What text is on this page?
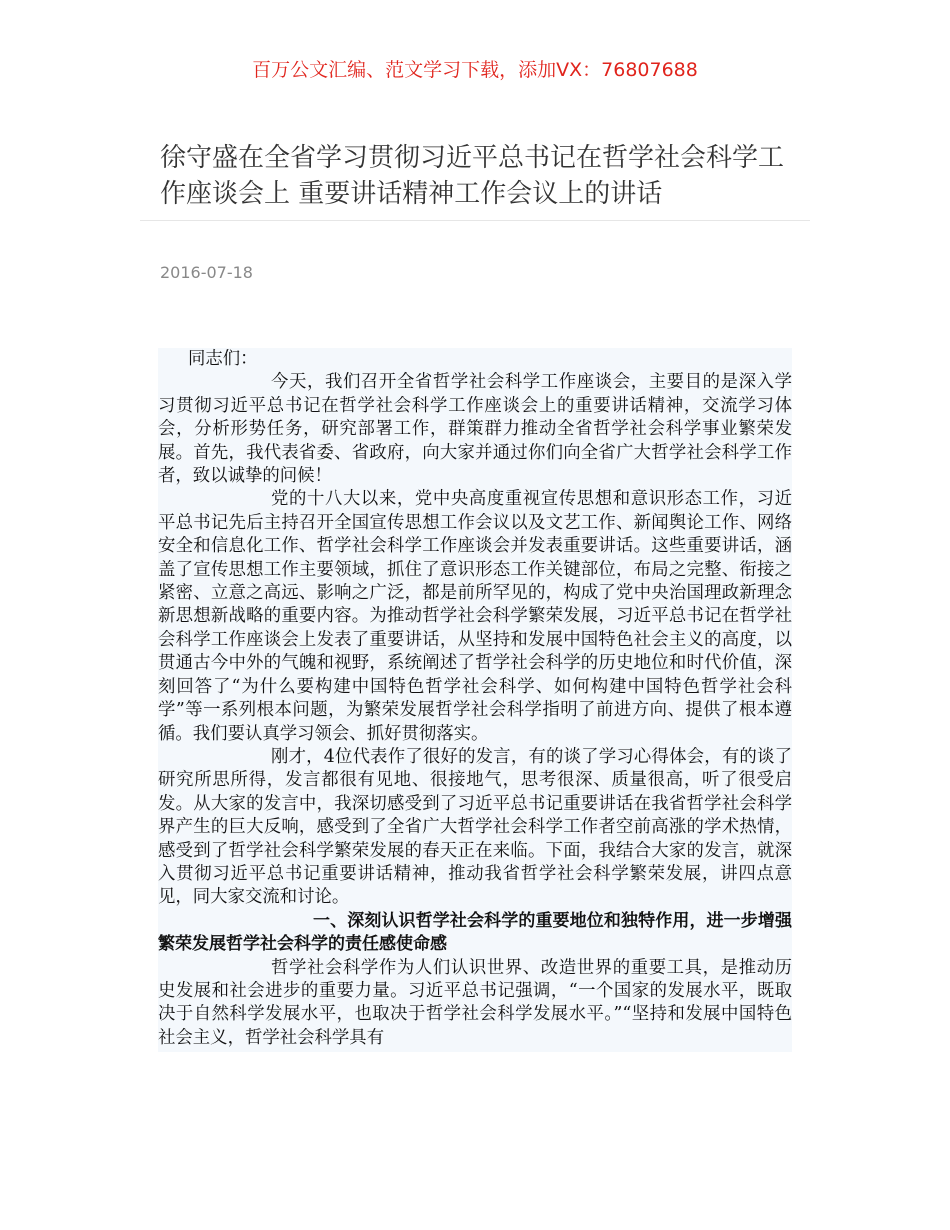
百万公文汇编、范文学习下载，添加VX：76807688
徐守盛在全省学习贯彻习近平总书记在哲学社会科学工作座谈会上 重要讲话精神工作会议上的讲话
2016-07-18

同志们：

今天，我们召开全省哲学社会科学工作座谈会，主要目的是深入学习贯彻习近平总书记在哲学社会科学工作座谈会上的重要讲话精神，交流学习体会，分析形势任务，研究部署工作，群策群力推动全省哲学社会科学事业繁荣发展。首先，我代表省委、省政府，向大家并通过你们向全省广大哲学社会科学工作者，致以诚挚的问候！

党的十八大以来，党中央高度重视宣传思想和意识形态工作，习近平总书记先后主持召开全国宣传思想工作会议以及文艺工作、新闻舆论工作、网络安全和信息化工作、哲学社会科学工作座谈会并发表重要讲话。这些重要讲话，涵盖了宣传思想工作主要领域，抓住了意识形态工作关键部位，布局之完整、衔接之紧密、立意之高远、影响之广泛，都是前所罕见的，构成了党中央治国理政新理念新思想新战略的重要内容。为推动哲学社会科学繁荣发展，习近平总书记在哲学社会科学工作座谈会上发表了重要讲话，从坚持和发展中国特色社会主义的高度，以贯通古今中外的气魄和视野，系统阐述了哲学社会科学的历史地位和时代价值，深刻回答了“为什么要构建中国特色哲学社会科学、如何构建中国特色哲学社会科学”等一系列根本问题，为繁荣发展哲学社会科学指明了前进方向、提供了根本遵循。我们要认真学习领会、抓好贯彻落实。

刚才，4位代表作了很好的发言，有的谈了学习心得体会，有的谈了研究所思所得，发言都很有见地、很接地气，思考很深、质量很高，听了很受启发。从大家的发言中，我深切感受到了习近平总书记重要讲话在我省哲学社会科学界产生的巨大反响，感受到了全省广大哲学社会科学工作者空前高涨的学术热情，感受到了哲学社会科学繁荣发展的春天正在来临。下面，我结合大家的发言，就深入贯彻习近平总书记重要讲话精神，推动我省哲学社会科学繁荣发展，讲四点意见，同大家交流和讨论。

一、深刻认识哲学社会科学的重要地位和独特作用，进一步增强繁荣发展哲学社会科学的责任感使命感

哲学社会科学作为人们认识世界、改造世界的重要工具，是推动历史发展和社会进步的重要力量。习近平总书记强调，“一个国家的发展水平，既取决于自然科学发展水平，也取决于哲学社会科学发展水平。”“坚持和发展中国特色社会主义，哲学社会科学具有
